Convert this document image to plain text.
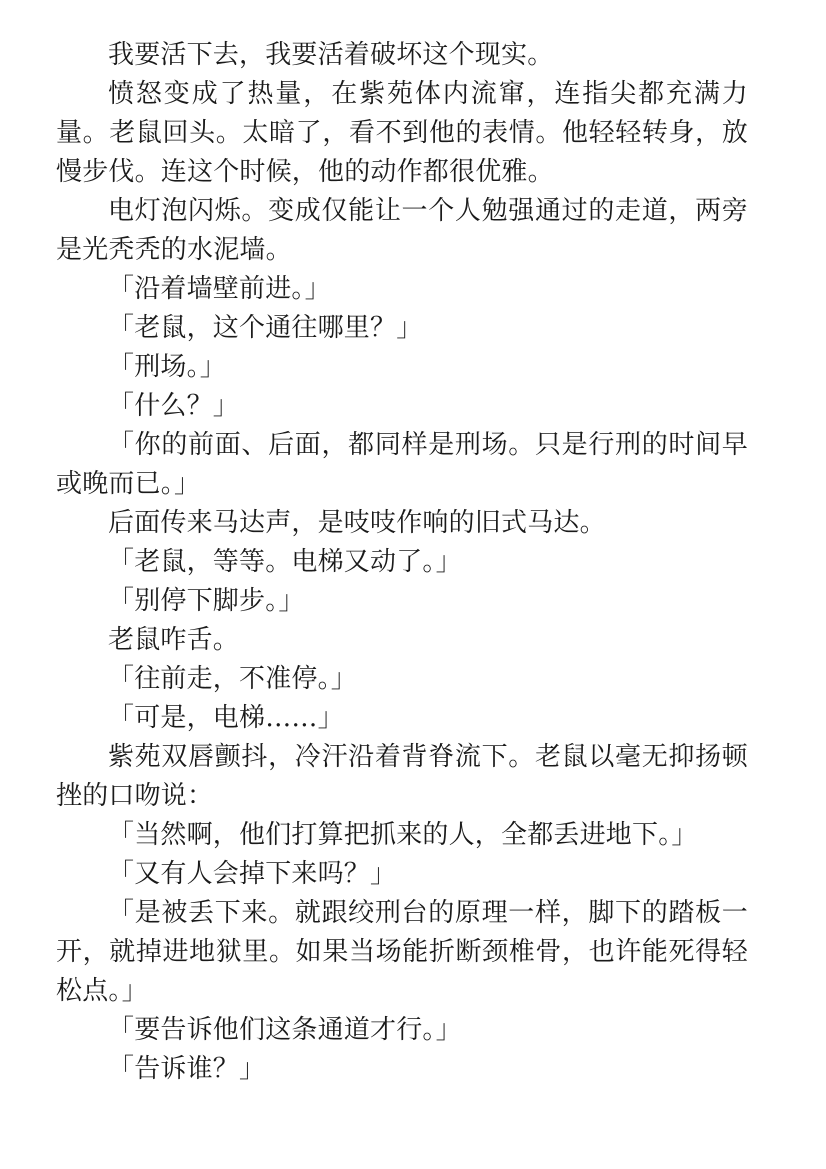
我要活下去，我要活着破坏这个现实。

愤怒变成了热量，在紫苑体内流窜，连指尖都充满力量。老鼠回头。太暗了，看不到他的表情。他轻轻转身，放慢步伐。连这个时候，他的动作都很优雅。

电灯泡闪烁。变成仅能让一个人勉强通过的走道，两旁是光秃秃的水泥墙。

「沿着墙壁前进。」

「老鼠，这个通往哪里？」

「刑场。」

「什么？」

「你的前面、后面，都同样是刑场。只是行刑的时间早或晚而已。」

后面传来马达声，是吱吱作响的旧式马达。

「老鼠，等等。电梯又动了。」

「别停下脚步。」

老鼠咋舌。

「往前走，不准停。」

「可是，电梯……」

紫苑双唇颤抖，冷汗沿着背脊流下。老鼠以毫无抑扬顿挫的口吻说：

「当然啊，他们打算把抓来的人，全都丢进地下。」

「又有人会掉下来吗？」

「是被丢下来。就跟绞刑台的原理一样，脚下的踏板一开，就掉进地狱里。如果当场能折断颈椎骨，也许能死得轻松点。」

「要告诉他们这条通道才行。」

「告诉谁？」
